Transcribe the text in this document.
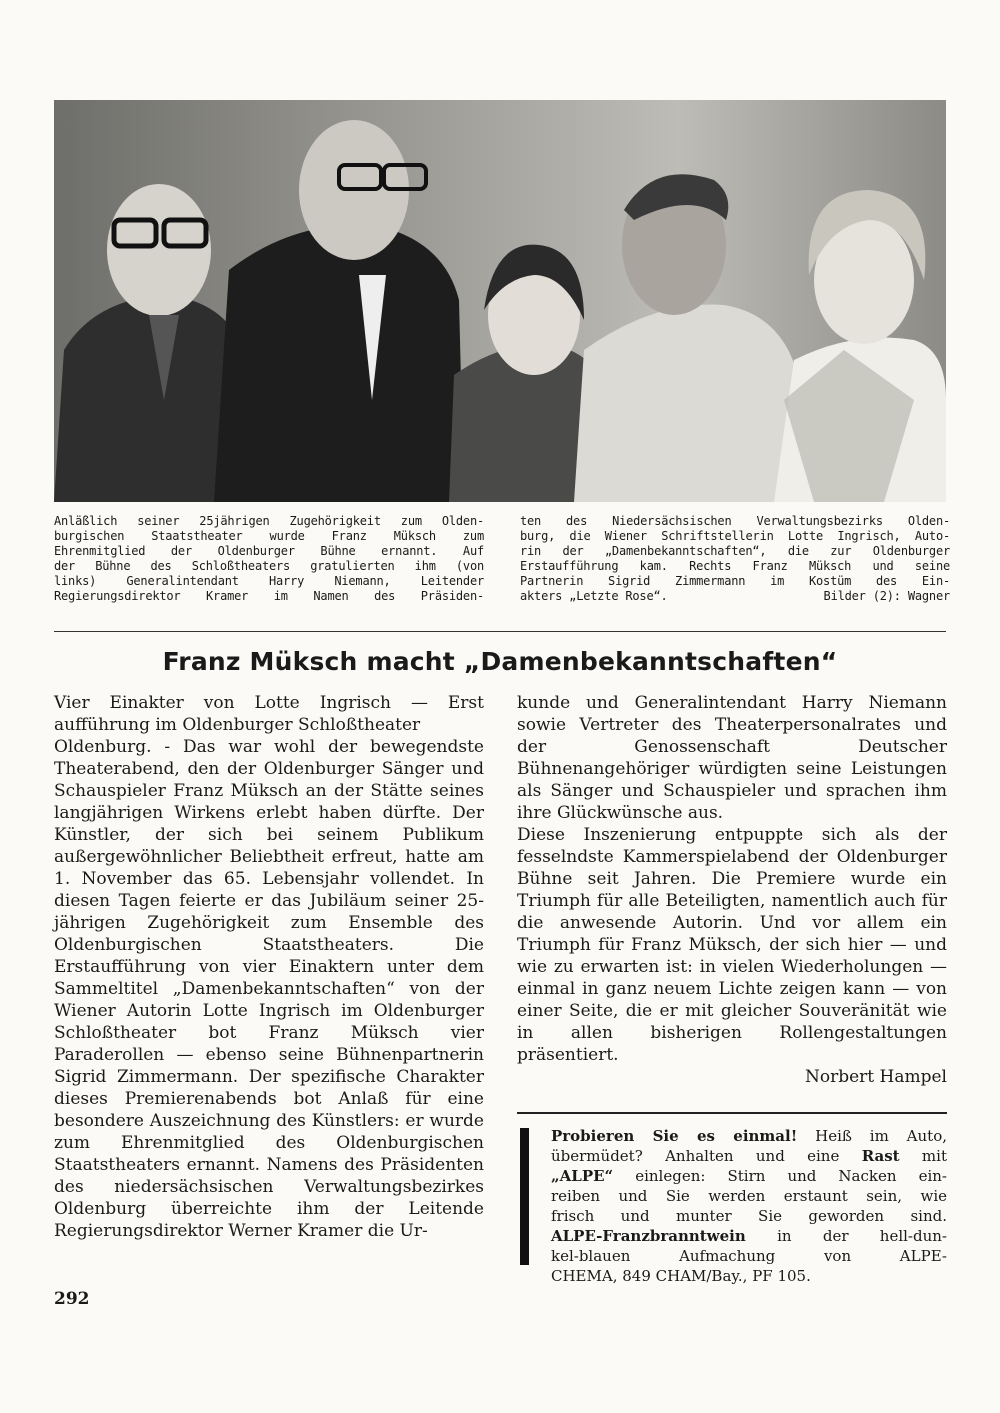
Anläßlich seiner 25jährigen Zugehörigkeit zum Olden-
burgischen Staatstheater wurde Franz Müksch zum
Ehrenmitglied der Oldenburger Bühne ernannt. Auf
der Bühne des Schloßtheaters gratulierten ihm (von
links) Generalintendant Harry Niemann, Leitender
Regierungsdirektor Kramer im Namen des Präsiden-
ten des Niedersächsischen Verwaltungsbezirks Olden-
burg, die Wiener Schriftstellerin Lotte Ingrisch, Auto-
rin der „Damenbekanntschaften“, die zur Oldenburger
Erstaufführung kam. Rechts Franz Müksch und seine
Partnerin Sigrid Zimmermann im Kostüm des Ein-
akters „Letzte Rose“.	Bilder (2): Wagner
Franz Müksch macht „Damenbekanntschaften“

Vier Einakter von Lotte Ingrisch — Erst aufführung im Oldenburger Schloßtheater

Oldenburg. - Das war wohl der bewegendste Theaterabend, den der Oldenburger Sänger und Schauspieler Franz Müksch an der Stätte seines langjährigen Wirkens erlebt haben dürfte. Der Künstler, der sich bei seinem Publikum außergewöhnlicher Beliebtheit erfreut, hatte am 1. November das 65. Lebensjahr vollendet. In diesen Tagen feierte er das Jubiläum seiner 25-jährigen Zugehörigkeit zum Ensemble des Oldenburgischen Staatstheaters. Die Erstaufführung von vier Einaktern unter dem Sammeltitel „Damenbekanntschaften“ von der Wiener Autorin Lotte Ingrisch im Oldenburger Schloßtheater bot Franz Müksch vier Paraderollen — ebenso seine Bühnenpartnerin Sigrid Zimmermann. Der spezifische Charakter dieses Premierenabends bot Anlaß für eine besondere Auszeichnung des Künstlers: er wurde zum Ehrenmitglied des Oldenburgischen Staatstheaters ernannt. Namens des Präsidenten des niedersächsischen Verwaltungsbezirkes Oldenburg überreichte ihm der Leitende Regierungsdirektor Werner Kramer die Ur-

kunde und Generalintendant Harry Niemann sowie Vertreter des Theaterpersonalrates und der Genossenschaft Deutscher Bühnenangehöriger würdigten seine Leistungen als Sänger und Schauspieler und sprachen ihm ihre Glückwünsche aus.

Diese Inszenierung entpuppte sich als der fesselndste Kammerspielabend der Oldenburger Bühne seit Jahren. Die Premiere wurde ein Triumph für alle Beteiligten, namentlich auch für die anwesende Autorin. Und vor allem ein Triumph für Franz Müksch, der sich hier — und wie zu erwarten ist: in vielen Wiederholungen — einmal in ganz neuem Lichte zeigen kann — von einer Seite, die er mit gleicher Souveränität wie in allen bisherigen Rollengestaltungen präsentiert.

Norbert Hampel

Probieren Sie es einmal! Heiß im Auto,
übermüdet? Anhalten und eine Rast mit
„ALPE“ einlegen: Stirn und Nacken ein-
reiben und Sie werden erstaunt sein, wie
frisch und munter Sie geworden sind.
ALPE-Franzbranntwein in der hell-dun-
kel-blauen Aufmachung von ALPE-
CHEMA, 849 CHAM/Bay., PF 105.
292
